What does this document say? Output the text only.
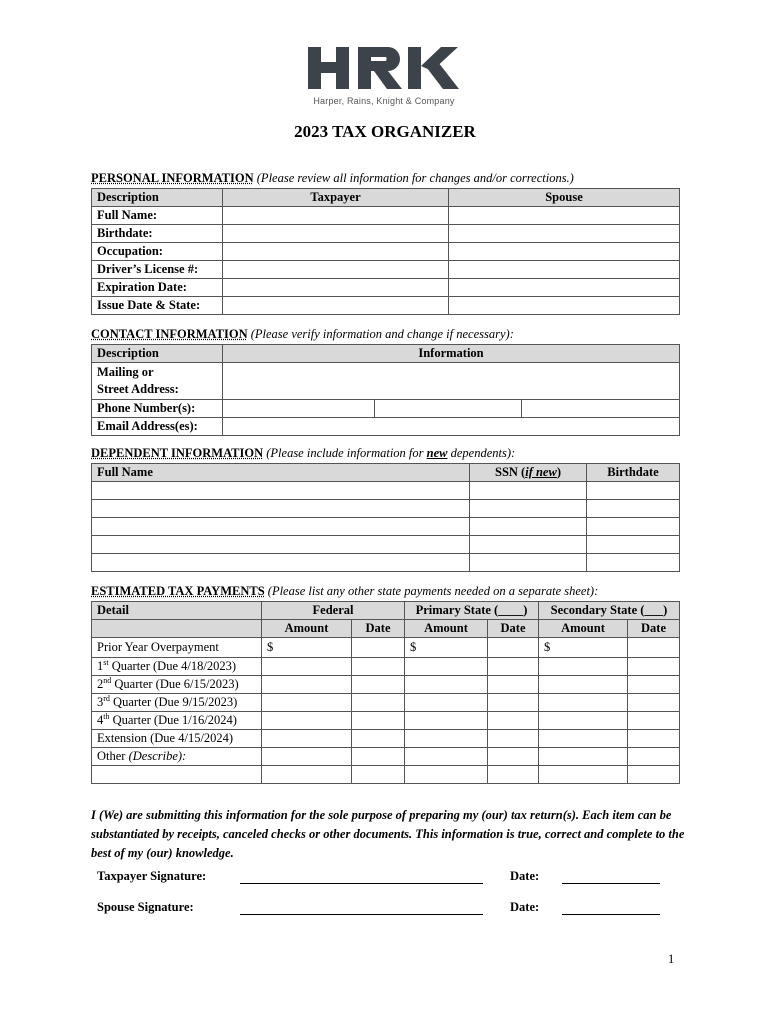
Harper, Rains, Knight & Company
2023 TAX ORGANIZER
PERSONAL INFORMATION (Please review all information for changes and/or corrections.)
Description	Taxpayer	Spouse
Full Name:		
Birthdate:		
Occupation:		
Driver’s License #:		
Expiration Date:		
Issue Date & State:		
CONTACT INFORMATION (Please verify information and change if necessary):
Description	Information		
Mailing or
Street Address:			
Phone Number(s):			
Email Address(es):			
DEPENDENT INFORMATION (Please include information for new dependents):
Full Name	SSN (if new)	Birthdate

ESTIMATED TAX PAYMENTS (Please list any other state payments needed on a separate sheet):
Detail	Federal		Primary State (____)		Secondary State (___)	
	Amount	Date	Amount	Date	Amount	Date
Prior Year Overpayment	$		$		$	
1st Quarter (Due 4/18/2023)						
2nd Quarter (Due 6/15/2023)						
3rd Quarter (Due 9/15/2023)						
4th Quarter (Due 1/16/2024)						
Extension (Due 4/15/2024)						
Other (Describe):						

I (We) are submitting this information for the sole purpose of preparing my (our) tax return(s). Each item can be substantiated by receipts, canceled checks or other documents. This information is true, correct and complete to the best of my (our) knowledge.
Taxpayer Signature:	Date:
Spouse Signature:	Date:
1
